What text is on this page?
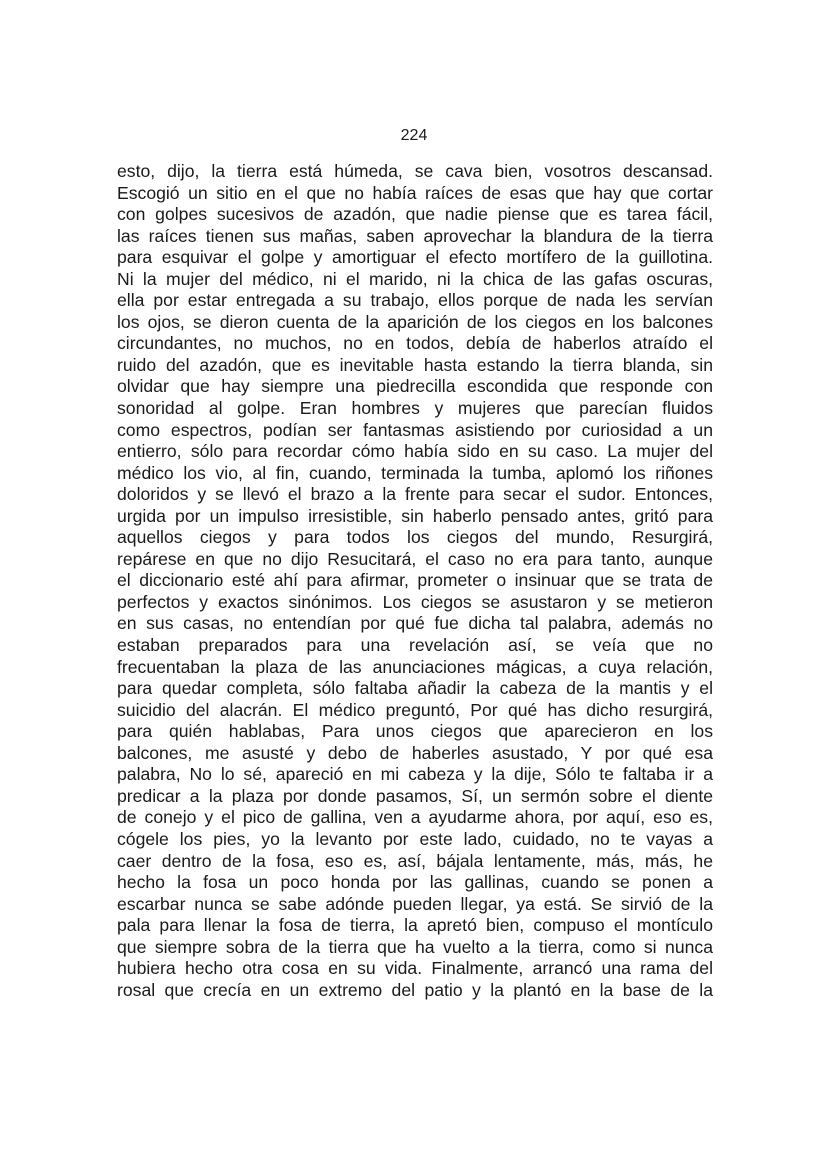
224
esto, dijo, la tierra está húmeda, se cava bien, vosotros descansad.
Escogió un sitio en el que no había raíces de esas que hay que cortar
con golpes sucesivos de azadón, que nadie piense que es tarea fácil,
las raíces tienen sus mañas, saben aprovechar la blandura de la tierra
para esquivar el golpe y amortiguar el efecto mortífero de la guillotina.
Ni la mujer del médico, ni el marido, ni la chica de las gafas oscuras,
ella por estar entregada a su trabajo, ellos porque de nada les servían
los ojos, se dieron cuenta de la aparición de los ciegos en los balcones
circundantes, no muchos, no en todos, debía de haberlos atraído el
ruido del azadón, que es inevitable hasta estando la tierra blanda, sin
olvidar que hay siempre una piedrecilla escondida que responde con
sonoridad al golpe. Eran hombres y mujeres que parecían fluidos
como espectros, podían ser fantasmas asistiendo por curiosidad a un
entierro, sólo para recordar cómo había sido en su caso. La mujer del
médico los vio, al fin, cuando, terminada la tumba, aplomó los riñones
doloridos y se llevó el brazo a la frente para secar el sudor. Entonces,
urgida por un impulso irresistible, sin haberlo pensado antes, gritó para
aquellos ciegos y para todos los ciegos del mundo, Resurgirá,
repárese en que no dijo Resucitará, el caso no era para tanto, aunque
el diccionario esté ahí para afirmar, prometer o insinuar que se trata de
perfectos y exactos sinónimos. Los ciegos se asustaron y se metieron
en sus casas, no entendían por qué fue dicha tal palabra, además no
estaban preparados para una revelación así, se veía que no
frecuentaban la plaza de las anunciaciones mágicas, a cuya relación,
para quedar completa, sólo faltaba añadir la cabeza de la mantis y el
suicidio del alacrán. El médico preguntó, Por qué has dicho resurgirá,
para quién hablabas, Para unos ciegos que aparecieron en los
balcones, me asusté y debo de haberles asustado, Y por qué esa
palabra, No lo sé, apareció en mi cabeza y la dije, Sólo te faltaba ir a
predicar a la plaza por donde pasamos, Sí, un sermón sobre el diente
de conejo y el pico de gallina, ven a ayudarme ahora, por aquí, eso es,
cógele los pies, yo la levanto por este lado, cuidado, no te vayas a
caer dentro de la fosa, eso es, así, bájala lentamente, más, más, he
hecho la fosa un poco honda por las gallinas, cuando se ponen a
escarbar nunca se sabe adónde pueden llegar, ya está. Se sirvió de la
pala para llenar la fosa de tierra, la apretó bien, compuso el montículo
que siempre sobra de la tierra que ha vuelto a la tierra, como si nunca
hubiera hecho otra cosa en su vida. Finalmente, arrancó una rama del
rosal que crecía en un extremo del patio y la plantó en la base de la
